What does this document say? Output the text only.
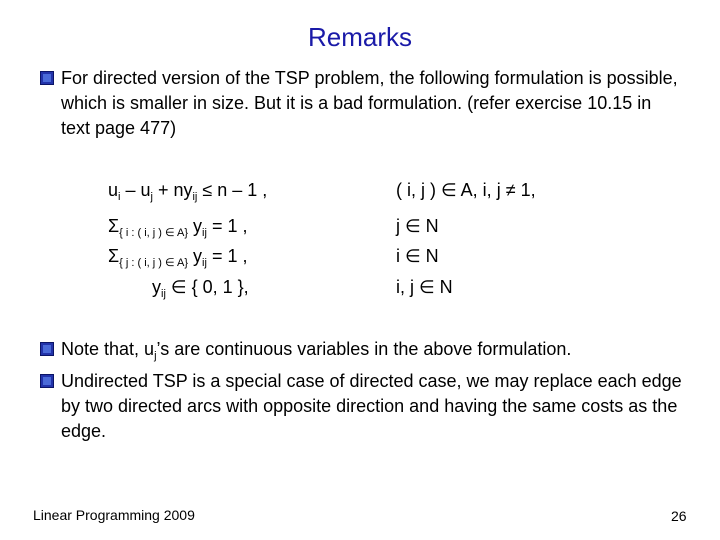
Remarks
For directed version of the TSP problem, the following formulation is possible, which is smaller in size. But it is a bad formulation. (refer exercise 10.15 in text page 477)
$u_i - u_j + ny_{ij} \le n - 1$ ,	( i, j ) ∈ A, i, j ≠ 1,
$\Sigma_{\{ i : ( i, j ) \in A\}}$ $y_{ij} = 1$ ,	j ∈ N
$\Sigma_{\{ j : ( i, j ) \in A\}}$ $y_{ij} = 1$ ,	i ∈ N
$y_{ij}$ ∈ { 0, 1 },	i, j ∈ N
Note that, $u_j’s$ are continuous variables in the above formulation.
Undirected TSP is a special case of directed case, we may replace each edge by two directed arcs with opposite direction and having the same costs as the edge.
Linear Programming 2009	26
